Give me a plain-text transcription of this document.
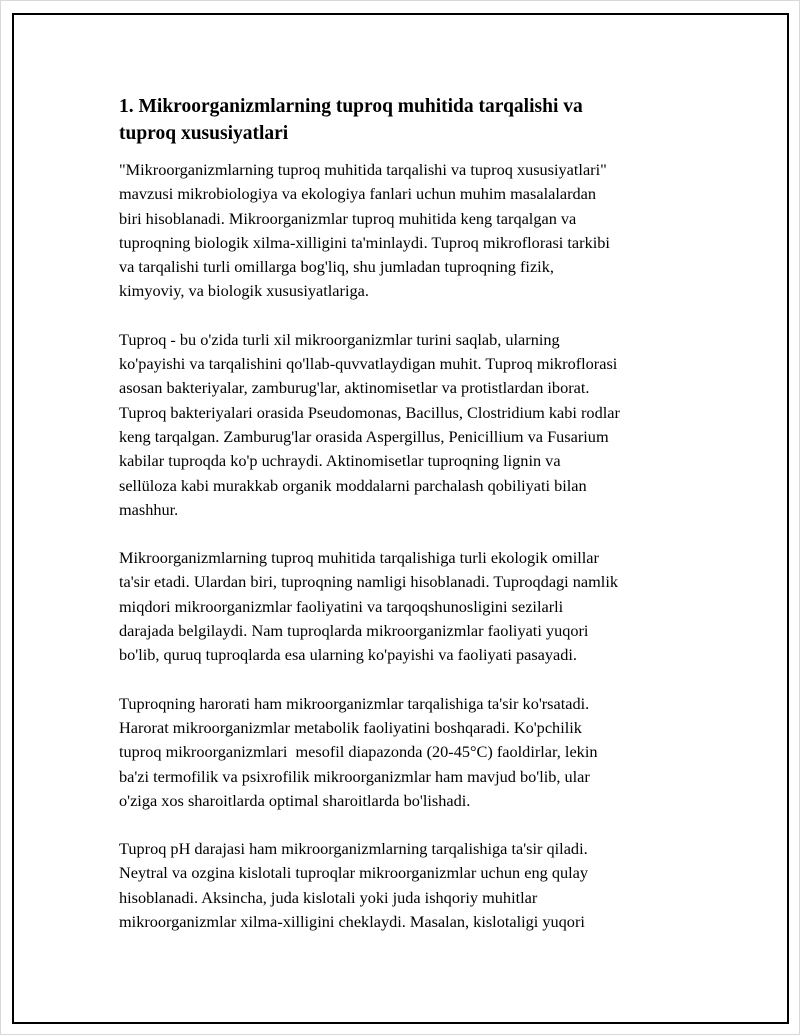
1. Mikroorganizmlarning tuproq muhitida tarqalishi va
tuproq xususiyatlari

"Mikroorganizmlarning tuproq muhitida tarqalishi va tuproq xususiyatlari"
mavzusi mikrobiologiya va ekologiya fanlari uchun muhim masalalardan
biri hisoblanadi. Mikroorganizmlar tuproq muhitida keng tarqalgan va
tuproqning biologik xilma-xilligini ta'minlaydi. Tuproq mikroflorasi tarkibi
va tarqalishi turli omillarga bog'liq, shu jumladan tuproqning fizik,
kimyoviy, va biologik xususiyatlariga.

Tuproq - bu o'zida turli xil mikroorganizmlar turini saqlab, ularning
ko'payishi va tarqalishini qo'llab-quvvatlaydigan muhit. Tuproq mikroflorasi
asosan bakteriyalar, zamburug'lar, aktinomisetlar va protistlardan iborat.
Tuproq bakteriyalari orasida Pseudomonas, Bacillus, Clostridium kabi rodlar
keng tarqalgan. Zamburug'lar orasida Aspergillus, Penicillium va Fusarium
kabilar tuproqda ko'p uchraydi. Aktinomisetlar tuproqning lignin va
sellüloza kabi murakkab organik moddalarni parchalash qobiliyati bilan
mashhur.

Mikroorganizmlarning tuproq muhitida tarqalishiga turli ekologik omillar
ta'sir etadi. Ulardan biri, tuproqning namligi hisoblanadi. Tuproqdagi namlik
miqdori mikroorganizmlar faoliyatini va tarqoqshunosligini sezilarli
darajada belgilaydi. Nam tuproqlarda mikroorganizmlar faoliyati yuqori
bo'lib, quruq tuproqlarda esa ularning ko'payishi va faoliyati pasayadi.

Tuproqning harorati ham mikroorganizmlar tarqalishiga ta'sir ko'rsatadi.
Harorat mikroorganizmlar metabolik faoliyatini boshqaradi. Ko'pchilik
tuproq mikroorganizmlari  mesofil diapazonda (20-45°C) faoldirlar, lekin
ba'zi termofilik va psixrofilik mikroorganizmlar ham mavjud bo'lib, ular
o'ziga xos sharoitlarda optimal sharoitlarda bo'lishadi.

Tuproq pH darajasi ham mikroorganizmlarning tarqalishiga ta'sir qiladi.
Neytral va ozgina kislotali tuproqlar mikroorganizmlar uchun eng qulay
hisoblanadi. Aksincha, juda kislotali yoki juda ishqoriy muhitlar
mikroorganizmlar xilma-xilligini cheklaydi. Masalan, kislotaligi yuqori
